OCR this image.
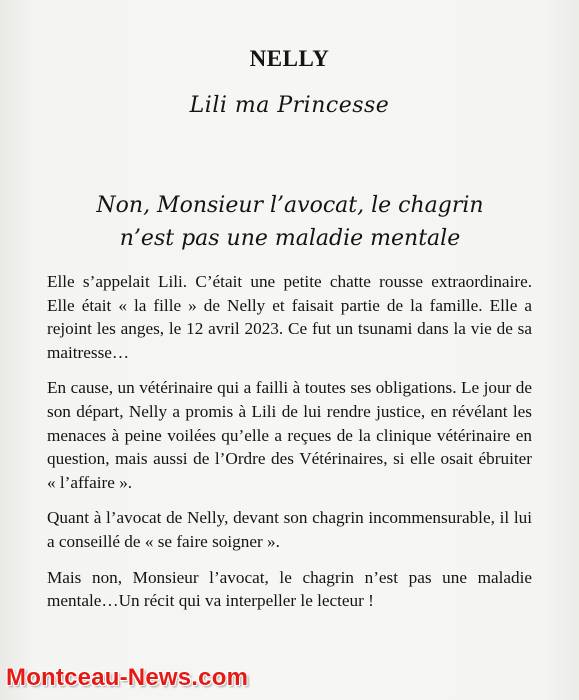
NELLY
Lili ma Princesse
Non, Monsieur l’avocat, le chagrin
n’est pas une maladie mentale

Elle s’appelait Lili. C’était une petite chatte rousse extraordinaire. Elle était « la fille » de Nelly et faisait partie de la famille. Elle a rejoint les anges, le 12 avril 2023. Ce fut un tsunami dans la vie de sa maitresse…

En cause, un vétérinaire qui a failli à toutes ses obligations. Le jour de son départ, Nelly a promis à Lili de lui rendre justice, en révélant les menaces à peine voilées qu’elle a reçues de la clinique vétérinaire en question, mais aussi de l’Ordre des Vétérinaires, si elle osait ébruiter « l’affaire ».

Quant à l’avocat de Nelly, devant son chagrin incommensurable, il lui a conseillé de « se faire soigner ».

Mais non, Monsieur l’avocat, le chagrin n’est pas une maladie mentale…Un récit qui va interpeller le lecteur !

Montceau-News.com
